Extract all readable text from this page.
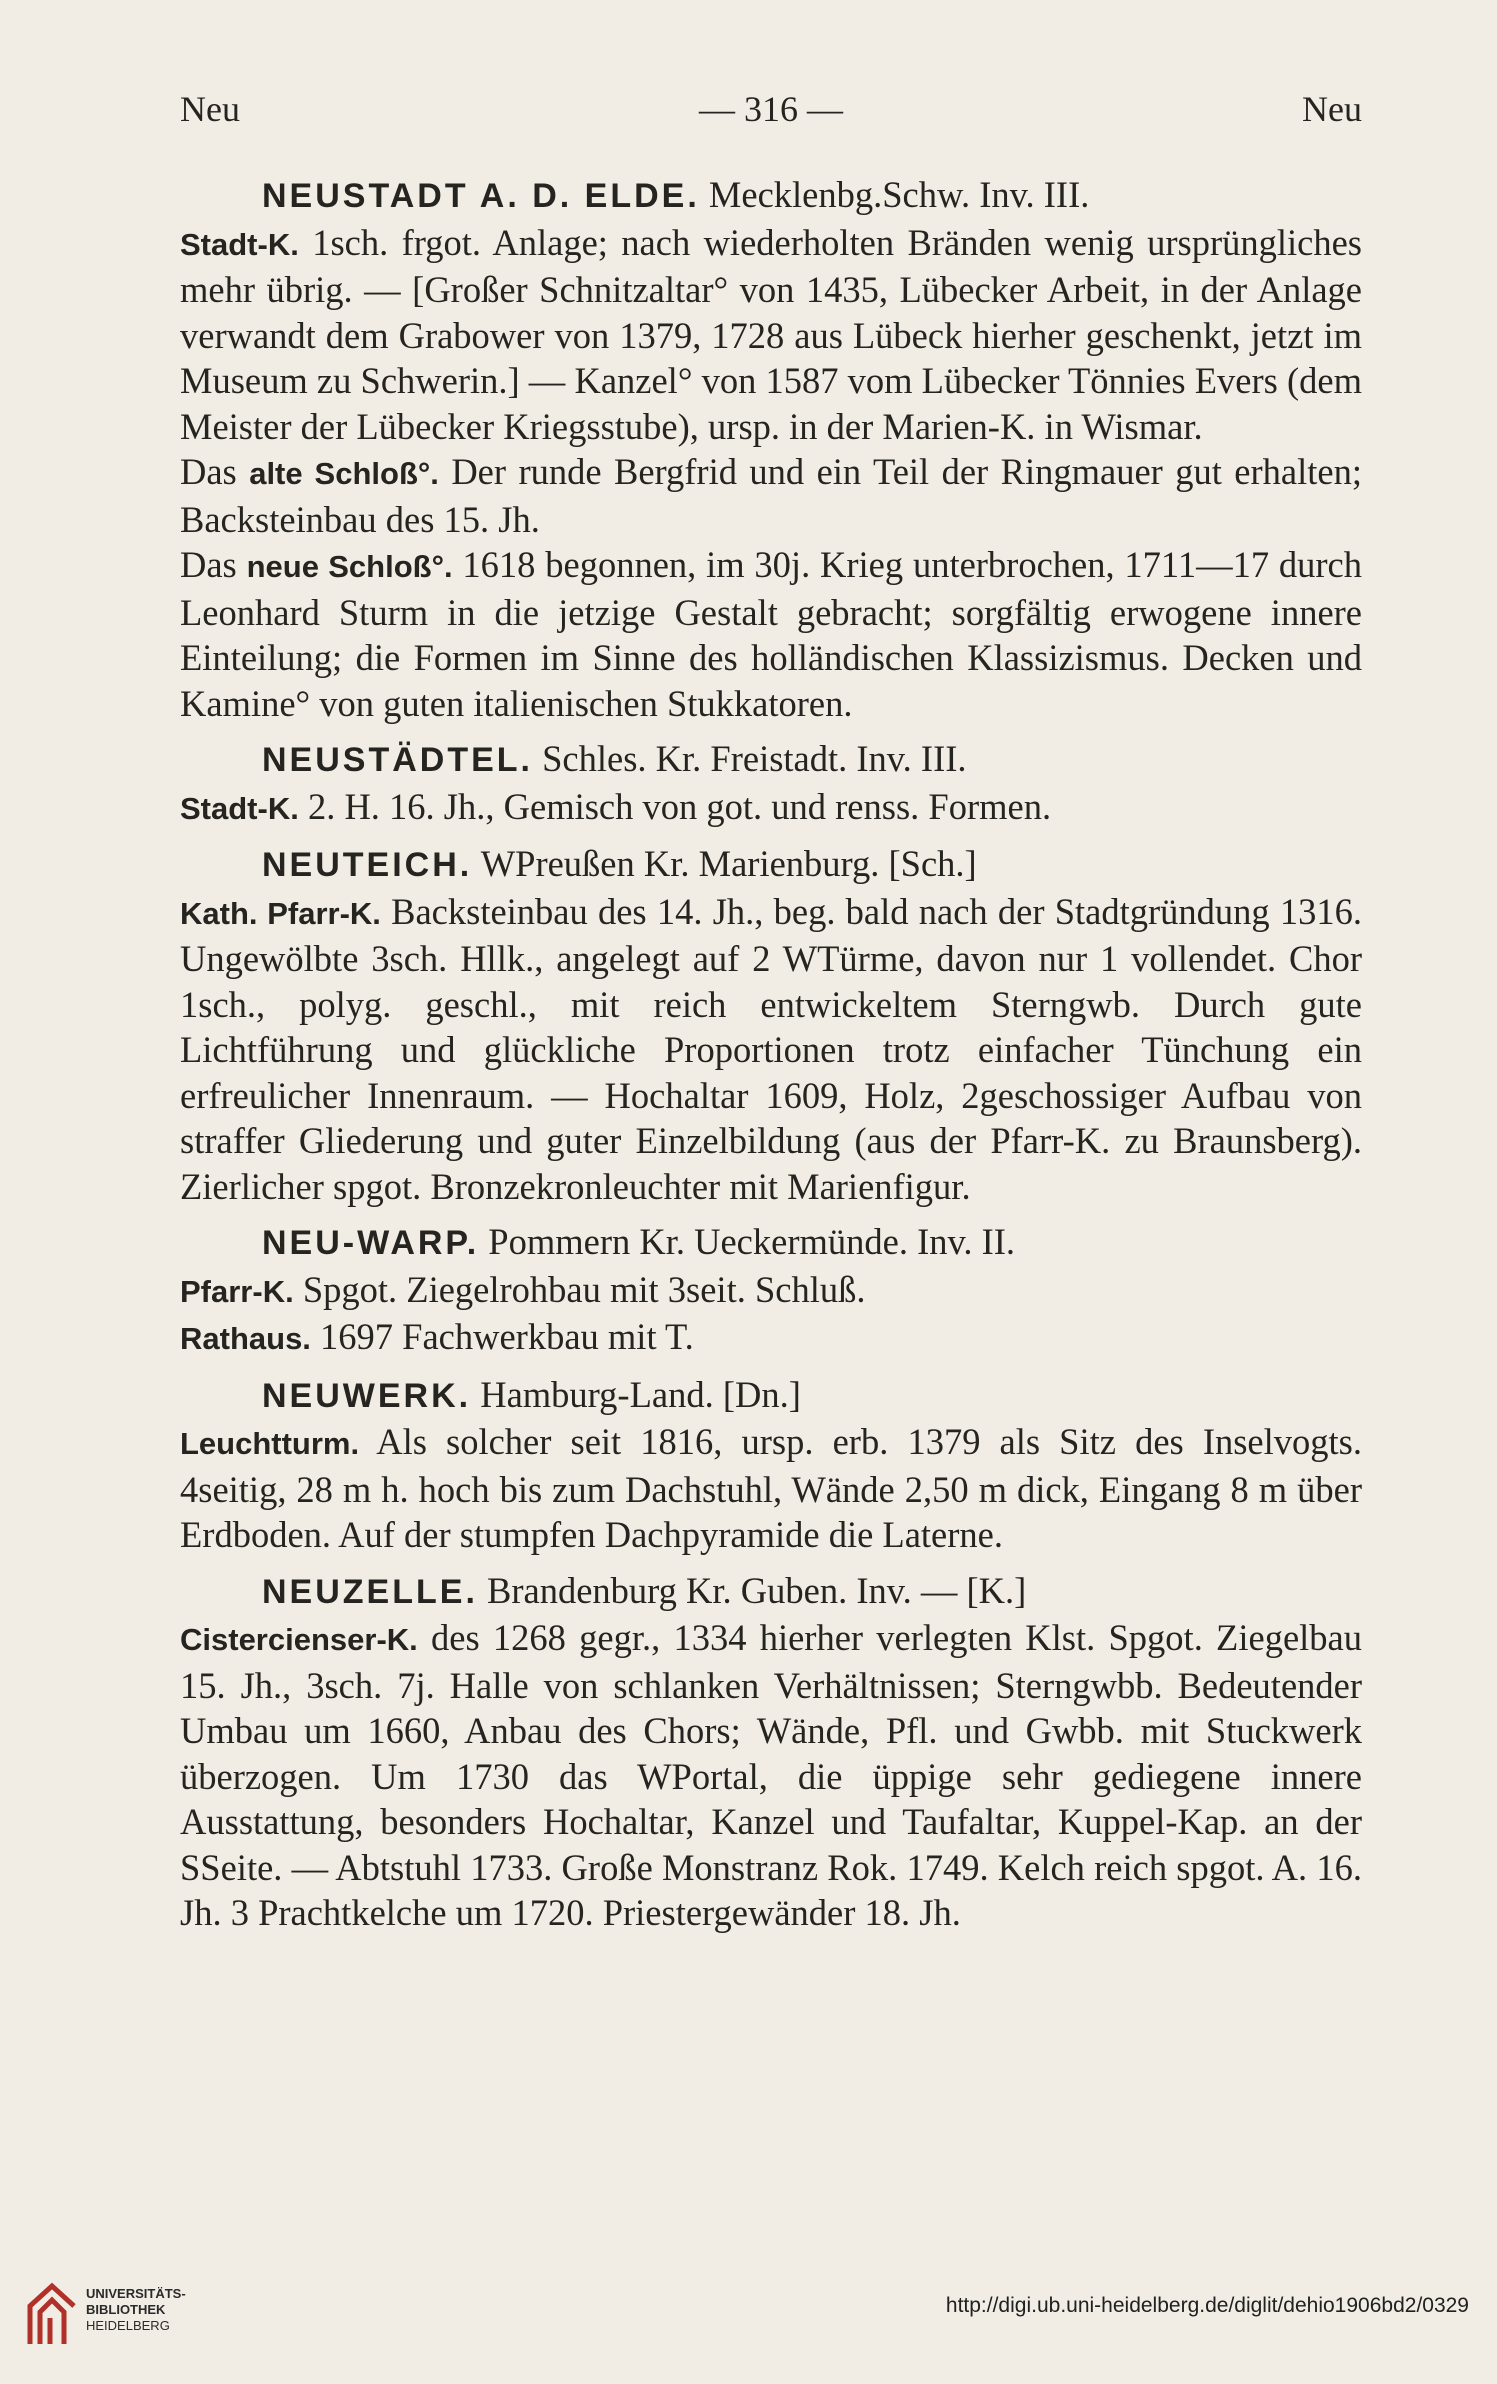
Neu	— 316 —	Neu

NEUSTADT A. D. ELDE. Mecklenbg.Schw. Inv. III.

Stadt-K. 1sch. frgot. Anlage; nach wiederholten Bränden wenig ursprüngliches mehr übrig. — [Großer Schnitzaltar° von 1435, Lübecker Arbeit, in der Anlage verwandt dem Grabower von 1379, 1728 aus Lübeck hierher geschenkt, jetzt im Museum zu Schwerin.] — Kanzel° von 1587 vom Lübecker Tönnies Evers (dem Meister der Lübecker Kriegsstube), ursp. in der Marien-K. in Wismar.

Das alte Schloß°. Der runde Bergfrid und ein Teil der Ringmauer gut erhalten; Backsteinbau des 15. Jh.

Das neue Schloß°. 1618 begonnen, im 30j. Krieg unterbrochen, 1711—17 durch Leonhard Sturm in die jetzige Gestalt gebracht; sorgfältig erwogene innere Einteilung; die Formen im Sinne des holländischen Klassizismus. Decken und Kamine° von guten italienischen Stukkatoren.

NEUSTÄDTEL. Schles. Kr. Freistadt. Inv. III.

Stadt-K. 2. H. 16. Jh., Gemisch von got. und renss. Formen.

NEUTEICH. WPreußen Kr. Marienburg. [Sch.]

Kath. Pfarr-K. Backsteinbau des 14. Jh., beg. bald nach der Stadtgründung 1316. Ungewölbte 3sch. Hllk., angelegt auf 2 WTürme, davon nur 1 vollendet. Chor 1sch., polyg. geschl., mit reich entwickeltem Sterngwb. Durch gute Lichtführung und glückliche Proportionen trotz einfacher Tünchung ein erfreulicher Innenraum. — Hochaltar 1609, Holz, 2geschossiger Aufbau von straffer Gliederung und guter Einzelbildung (aus der Pfarr-K. zu Braunsberg). Zierlicher spgot. Bronzekronleuchter mit Marienfigur.

NEU-WARP. Pommern Kr. Ueckermünde. Inv. II.

Pfarr-K. Spgot. Ziegelrohbau mit 3seit. Schluß.

Rathaus. 1697 Fachwerkbau mit T.

NEUWERK. Hamburg-Land. [Dn.]

Leuchtturm. Als solcher seit 1816, ursp. erb. 1379 als Sitz des Inselvogts. 4seitig, 28 m h. hoch bis zum Dachstuhl, Wände 2,50 m dick, Eingang 8 m über Erdboden. Auf der stumpfen Dachpyramide die Laterne.

NEUZELLE. Brandenburg Kr. Guben. Inv. — [K.]

Cistercienser-K. des 1268 gegr., 1334 hierher verlegten Klst. Spgot. Ziegelbau 15. Jh., 3sch. 7j. Halle von schlanken Verhältnissen; Sterngwbb. Bedeutender Umbau um 1660, Anbau des Chors; Wände, Pfl. und Gwbb. mit Stuckwerk überzogen. Um 1730 das WPortal, die üppige sehr gediegene innere Ausstattung, besonders Hochaltar, Kanzel und Taufaltar, Kuppel-Kap. an der SSeite. — Abtstuhl 1733. Große Monstranz Rok. 1749. Kelch reich spgot. A. 16. Jh. 3 Prachtkelche um 1720. Priestergewänder 18. Jh.

UNIVERSITÄTS-
BIBLIOTHEK
HEIDELBERG
http://digi.ub.uni-heidelberg.de/diglit/dehio1906bd2/0329
